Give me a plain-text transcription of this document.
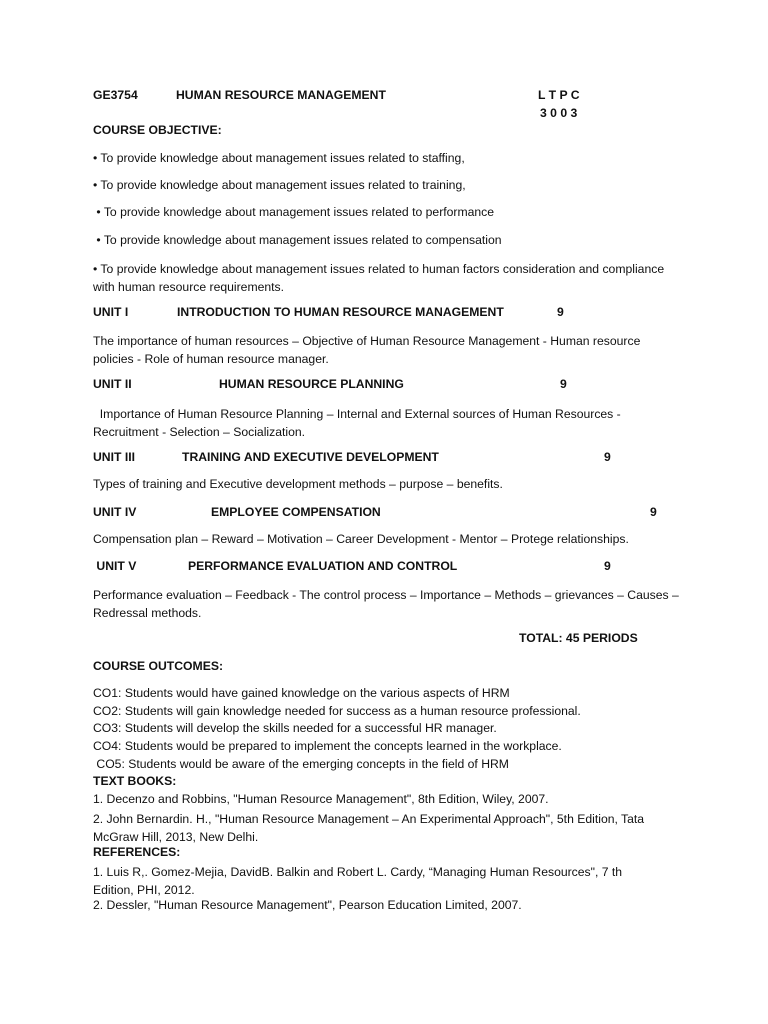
GE3754	HUMAN RESOURCE MANAGEMENT	L T P C
3 0 0 3
COURSE OBJECTIVE:
• To provide knowledge about management issues related to staffing,
• To provide knowledge about management issues related to training,
• To provide knowledge about management issues related to performance
• To provide knowledge about management issues related to compensation
• To provide knowledge about management issues related to human factors consideration and compliance with human resource requirements.
UNIT I	INTRODUCTION TO HUMAN RESOURCE MANAGEMENT	9
The importance of human resources – Objective of Human Resource Management - Human resource policies - Role of human resource manager.
UNIT II	HUMAN RESOURCE PLANNING	9
Importance of Human Resource Planning – Internal and External sources of Human Resources - Recruitment - Selection – Socialization.
UNIT III	TRAINING AND EXECUTIVE DEVELOPMENT	9
Types of training and Executive development methods – purpose – benefits.
UNIT IV	EMPLOYEE COMPENSATION	9
Compensation plan – Reward – Motivation – Career Development - Mentor – Protege relationships.
UNIT V	PERFORMANCE EVALUATION AND CONTROL	9
Performance evaluation – Feedback - The control process – Importance – Methods – grievances – Causes – Redressal methods.
TOTAL: 45 PERIODS
COURSE OUTCOMES:
CO1: Students would have gained knowledge on the various aspects of HRM
CO2: Students will gain knowledge needed for success as a human resource professional.
CO3: Students will develop the skills needed for a successful HR manager.
CO4: Students would be prepared to implement the concepts learned in the workplace.
CO5: Students would be aware of the emerging concepts in the field of HRM
TEXT BOOKS:
1. Decenzo and Robbins, "Human Resource Management", 8th Edition, Wiley, 2007.
2. John Bernardin. H., "Human Resource Management – An Experimental Approach", 5th Edition, Tata McGraw Hill, 2013, New Delhi.
REFERENCES:
1. Luis R,. Gomez-Mejia, DavidB. Balkin and Robert L. Cardy, “Managing Human Resources", 7 th Edition, PHI, 2012.
2. Dessler, "Human Resource Management", Pearson Education Limited, 2007.
